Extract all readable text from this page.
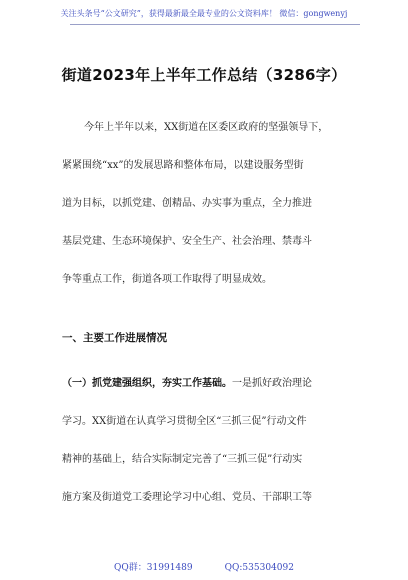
关注头条号“公文研究”，获得最新最全最专业的公文资料库！ 微信：gongwenyj
街道2023年上半年工作总结（3286字）
今年上半年以来，XX街道在区委区政府的坚强领导下，
紧紧围绕“xx”的发展思路和整体布局，以建设服务型街
道为目标，以抓党建、创精品、办实事为重点，全力推进
基层党建、生态环境保护、安全生产、社会治理、禁毒斗
争等重点工作，街道各项工作取得了明显成效。
一、主要工作进展情况
（一）抓党建强组织，夯实工作基础。一是抓好政治理论
学习。XX街道在认真学习贯彻全区“三抓三促”行动文件
精神的基础上，结合实际制定完善了“三抓三促”行动实
施方案及街道党工委理论学习中心组、党员、干部职工等
QQ群：31991489	QQ:535304092
